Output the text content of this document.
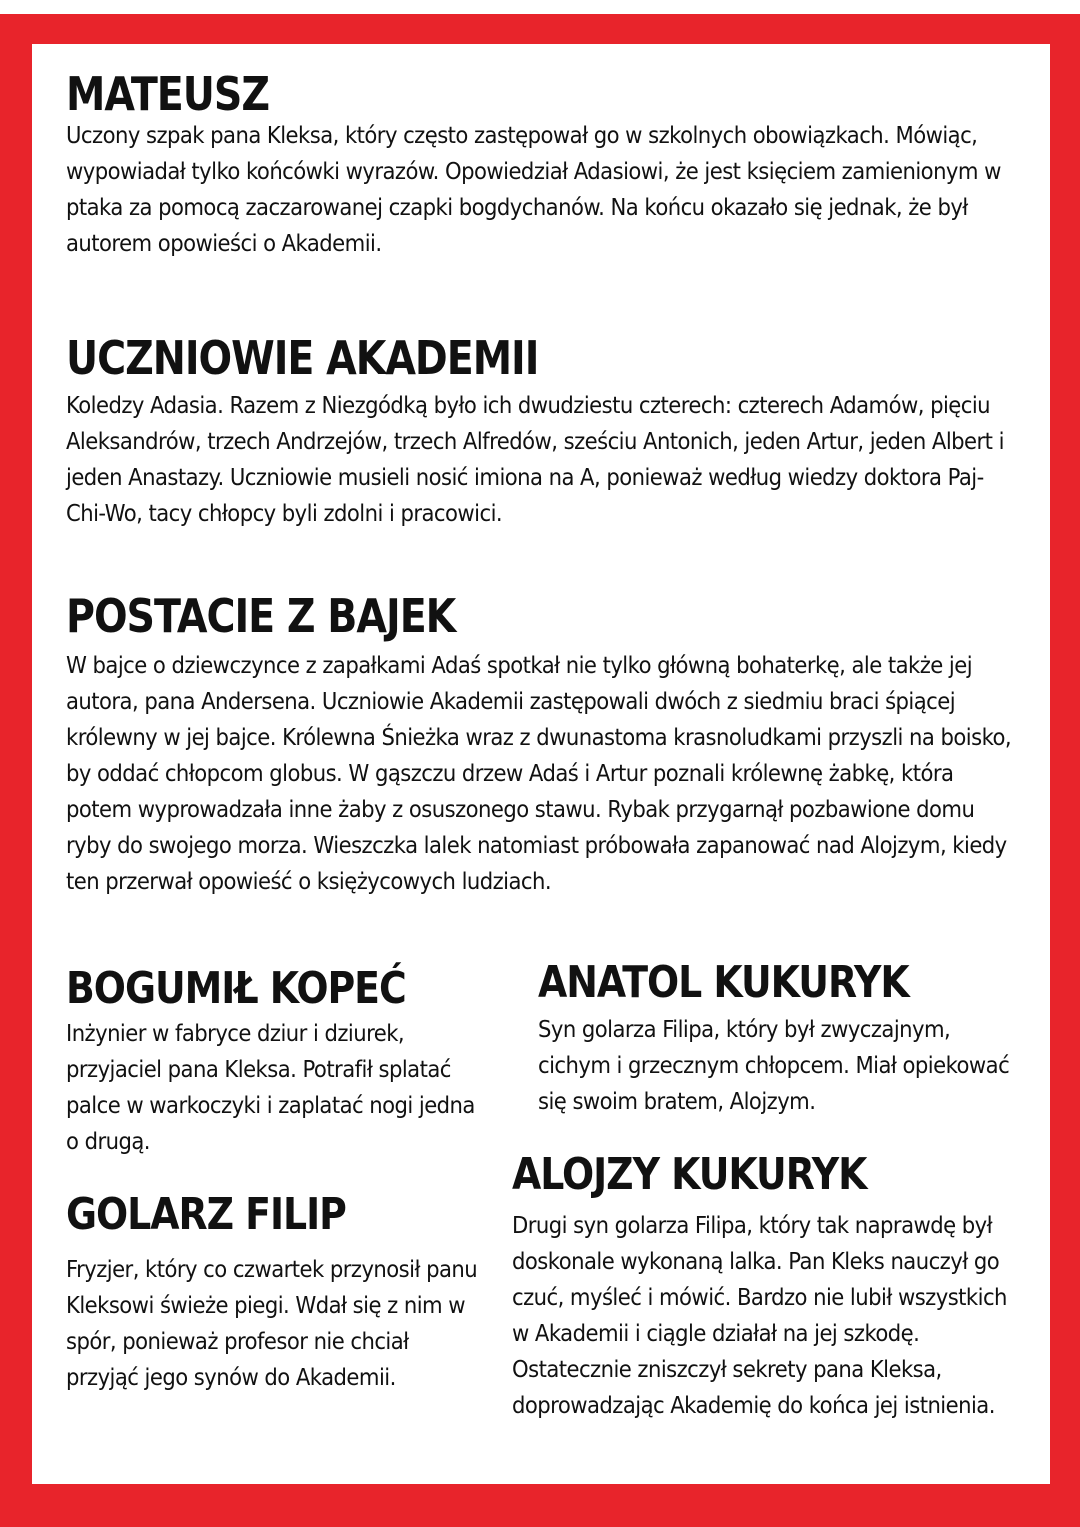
MATEUSZ

Uczony szpak pana Kleksa, który często zastępował go w szkolnych obowiązkach. Mówiąc, wypowiadał tylko końcówki wyrazów. Opowiedział Adasiowi, że jest księciem zamienionym w ptaka za pomocą zaczarowanej czapki bogdychanów. Na końcu okazało się jednak, że był autorem opowieści o Akademii.

UCZNIOWIE AKADEMII

Koledzy Adasia. Razem z Niezgódką było ich dwudziestu czterech: czterech Adamów, pięciu Aleksandrów, trzech Andrzejów, trzech Alfredów, sześciu Antonich, jeden Artur, jeden Albert i jeden Anastazy. Uczniowie musieli nosić imiona na A, ponieważ według wiedzy doktora Paj-Chi-Wo, tacy chłopcy byli zdolni i pracowici.

POSTACIE Z BAJEK

W bajce o dziewczynce z zapałkami Adaś spotkał nie tylko główną bohaterkę, ale także jej autora, pana Andersena. Uczniowie Akademii zastępowali dwóch z siedmiu braci śpiącej królewny w jej bajce. Królewna Śnieżka wraz z dwunastoma krasnoludkami przyszli na boisko, by oddać chłopcom globus. W gąszczu drzew Adaś i Artur poznali królewnę żabkę, która potem wyprowadzała inne żaby z osuszonego stawu. Rybak przygarnął pozbawione domu ryby do swojego morza. Wieszczka lalek natomiast próbowała zapanować nad Alojzym, kiedy ten przerwał opowieść o księżycowych ludziach.

BOGUMIŁ KOPEĆ

Inżynier w fabryce dziur i dziurek, przyjaciel pana Kleksa. Potrafił splatać palce w warkoczyki i zaplatać nogi jedna o drugą.

GOLARZ FILIP

Fryzjer, który co czwartek przynosił panu Kleksowi świeże piegi. Wdał się z nim w spór, ponieważ profesor nie chciał przyjąć jego synów do Akademii.

ANATOL KUKURYK

Syn golarza Filipa, który był zwyczajnym, cichym i grzecznym chłopcem. Miał opiekować się swoim bratem, Alojzym.

ALOJZY KUKURYK

Drugi syn golarza Filipa, który tak naprawdę był doskonale wykonaną lalka. Pan Kleks nauczył go czuć, myśleć i mówić. Bardzo nie lubił wszystkich w Akademii i ciągle działał na jej szkodę. Ostatecznie zniszczył sekrety pana Kleksa, doprowadzając Akademię do końca jej istnienia.
